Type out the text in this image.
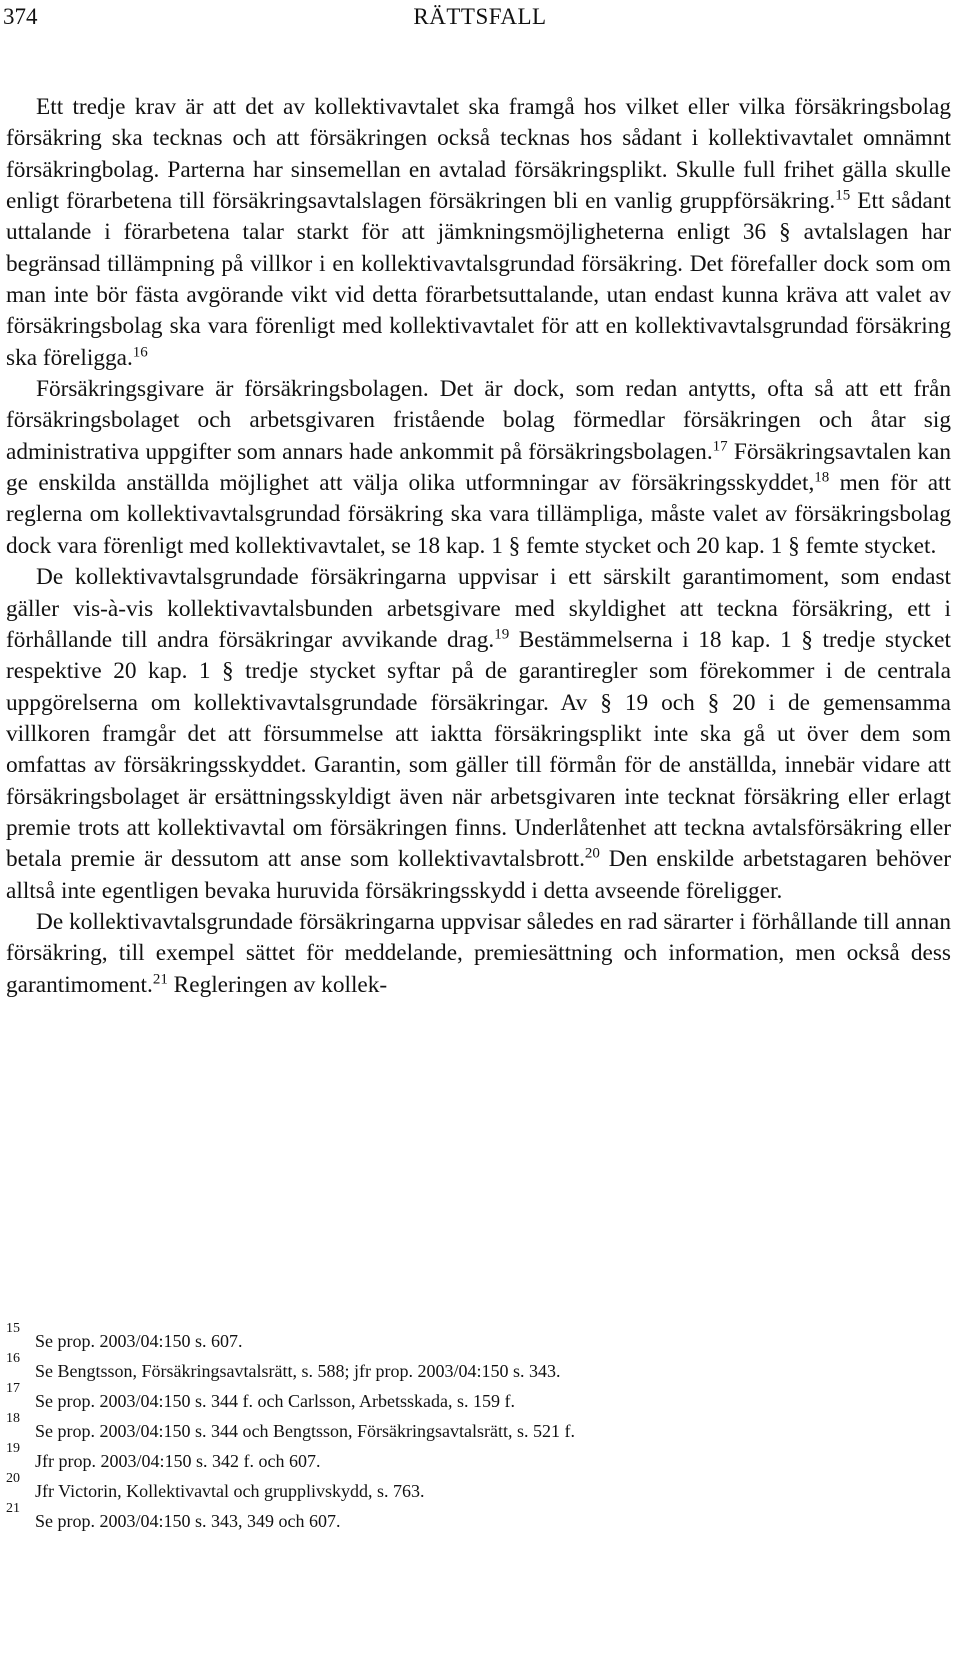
374	RÄTTSFALL

Ett tredje krav är att det av kollektivavtalet ska framgå hos vilket eller vilka försäkringsbolag försäkring ska tecknas och att försäkringen också tecknas hos sådant i kollektivavtalet omnämnt försäkringbolag. Parterna har sinsemellan en avtalad försäkringsplikt. Skulle full frihet gälla skulle enligt förarbetena till försäkringsavtalslagen försäkringen bli en vanlig gruppförsäkring.$^{15}$ Ett sådant uttalande i förarbetena talar starkt för att jämkningsmöjligheterna enligt 36 § avtalslagen har begränsad tillämpning på villkor i en kollektivavtalsgrundad försäkring. Det förefaller dock som om man inte bör fästa avgörande vikt vid detta förarbetsuttalande, utan endast kunna kräva att valet av försäkringsbolag ska vara förenligt med kollektivavtalet för att en kollektivavtalsgrundad försäkring ska föreligga.$^{16}$

Försäkringsgivare är försäkringsbolagen. Det är dock, som redan antytts, ofta så att ett från försäkringsbolaget och arbetsgivaren fristående bolag förmedlar försäkringen och åtar sig administrativa uppgifter som annars hade ankommit på försäkringsbolagen.$^{17}$ Försäkringsavtalen kan ge enskilda anställda möjlighet att välja olika utformningar av försäkringsskyddet,$^{18}$ men för att reglerna om kollektivavtalsgrundad försäkring ska vara tillämpliga, måste valet av försäkringsbolag dock vara förenligt med kollektivavtalet, se 18 kap. 1 § femte stycket och 20 kap. 1 § femte stycket.

De kollektivavtalsgrundade försäkringarna uppvisar i ett särskilt garantimoment, som endast gäller vis-à-vis kollektivavtalsbunden arbetsgivare med skyldighet att teckna försäkring, ett i förhållande till andra försäkringar avvikande drag.$^{19}$ Bestämmelserna i 18 kap. 1 § tredje stycket respektive 20 kap. 1 § tredje stycket syftar på de garantiregler som förekommer i de centrala uppgörelserna om kollektivavtalsgrundade försäkringar. Av § 19 och § 20 i de gemensamma villkoren framgår det att försummelse att iaktta försäkringsplikt inte ska gå ut över dem som omfattas av försäkringsskyddet. Garantin, som gäller till förmån för de anställda, innebär vidare att försäkringsbolaget är ersättningsskyldigt även när arbetsgivaren inte tecknat försäkring eller erlagt premie trots att kollektivavtal om försäkringen finns. Underlåtenhet att teckna avtalsförsäkring eller betala premie är dessutom att anse som kollektivavtalsbrott.$^{20}$ Den enskilde arbetstagaren behöver alltså inte egentligen bevaka huruvida försäkringsskydd i detta avseende föreligger.

De kollektivavtalsgrundade försäkringarna uppvisar således en rad särarter i förhållande till annan försäkring, till exempel sättet för meddelande, premiesättning och information, men också dess garantimoment.$^{21}$ Regleringen av kollek-

15
Se prop. 2003/04:150 s. 607.
16
Se Bengtsson, Försäkringsavtalsrätt, s. 588; jfr prop. 2003/04:150 s. 343.
17
Se prop. 2003/04:150 s. 344 f. och Carlsson, Arbetsskada, s. 159 f.
18
Se prop. 2003/04:150 s. 344 och Bengtsson, Försäkringsavtalsrätt, s. 521 f.
19
Jfr prop. 2003/04:150 s. 342 f. och 607.
20
Jfr Victorin, Kollektivavtal och grupplivskydd, s. 763.
21
Se prop. 2003/04:150 s. 343, 349 och 607.
